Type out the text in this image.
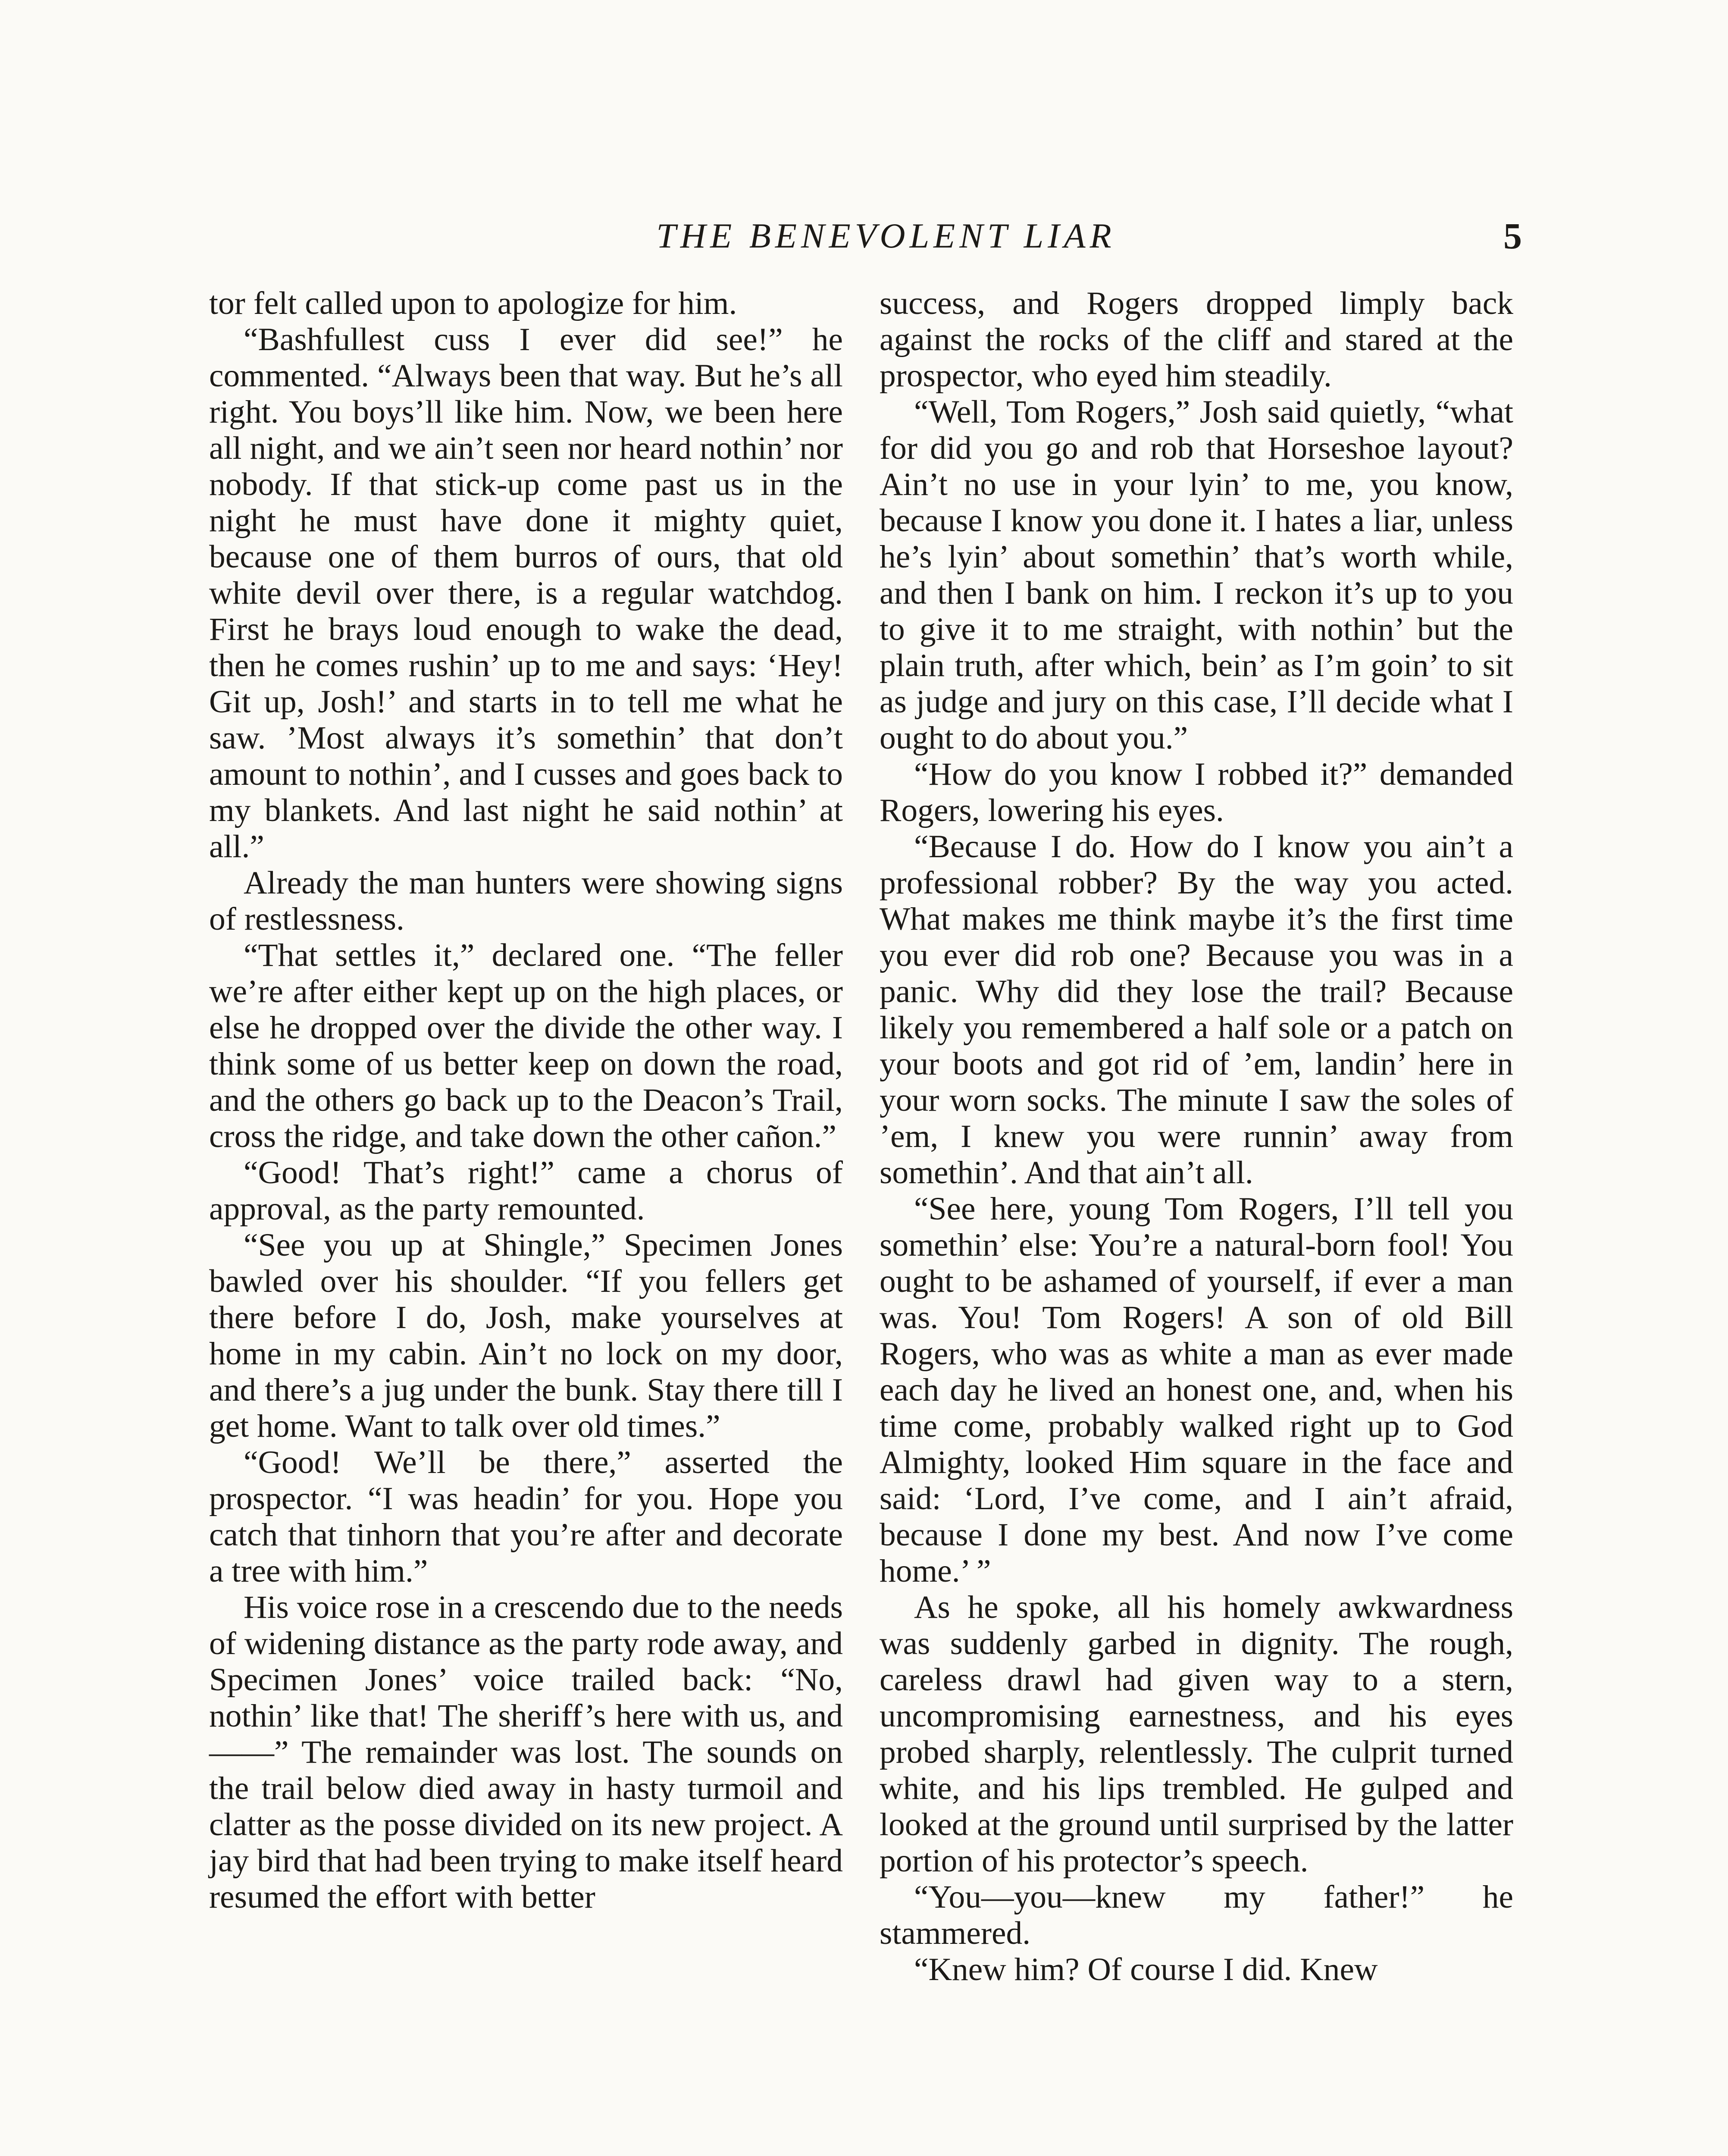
THE BENEVOLENT LIAR	5

tor felt called upon to apologize for him.

“Bashfullest cuss I ever did see!” he commented. “Always been that way. But he’s all right. You boys’ll like him. Now, we been here all night, and we ain’t seen nor heard nothin’ nor nobody. If that stick-up come past us in the night he must have done it mighty quiet, because one of them burros of ours, that old white devil over there, is a regular watchdog. First he brays loud enough to wake the dead, then he comes rushin’ up to me and says: ‘Hey! Git up, Josh!’ and starts in to tell me what he saw. ’Most always it’s somethin’ that don’t amount to nothin’, and I cusses and goes back to my blankets. And last night he said nothin’ at all.”

Already the man hunters were showing signs of restlessness.

“That settles it,” declared one. “The feller we’re after either kept up on the high places, or else he dropped over the divide the other way. I think some of us better keep on down the road, and the others go back up to the Deacon’s Trail, cross the ridge, and take down the other cañon.”

“Good! That’s right!” came a chorus of approval, as the party remounted.

“See you up at Shingle,” Specimen Jones bawled over his shoulder. “If you fellers get there before I do, Josh, make yourselves at home in my cabin. Ain’t no lock on my door, and there’s a jug under the bunk. Stay there till I get home. Want to talk over old times.”

“Good! We’ll be there,” asserted the prospector. “I was headin’ for you. Hope you catch that tinhorn that you’re after and decorate a tree with him.”

His voice rose in a crescendo due to the needs of widening distance as the party rode away, and Specimen Jones’ voice trailed back: “No, nothin’ like that! The sheriff’s here with us, and ——” The remainder was lost. The sounds on the trail below died away in hasty turmoil and clatter as the posse divided on its new project. A jay bird that had been trying to make itself heard resumed the effort with better

success, and Rogers dropped limply back against the rocks of the cliff and stared at the prospector, who eyed him steadily.

“Well, Tom Rogers,” Josh said quietly, “what for did you go and rob that Horseshoe layout? Ain’t no use in your lyin’ to me, you know, because I know you done it. I hates a liar, unless he’s lyin’ about somethin’ that’s worth while, and then I bank on him. I reckon it’s up to you to give it to me straight, with nothin’ but the plain truth, after which, bein’ as I’m goin’ to sit as judge and jury on this case, I’ll decide what I ought to do about you.”

“How do you know I robbed it?” demanded Rogers, lowering his eyes.

“Because I do. How do I know you ain’t a professional robber? By the way you acted. What makes me think maybe it’s the first time you ever did rob one? Because you was in a panic. Why did they lose the trail? Because likely you remembered a half sole or a patch on your boots and got rid of ’em, landin’ here in your worn socks. The minute I saw the soles of ’em, I knew you were runnin’ away from somethin’. And that ain’t all.

“See here, young Tom Rogers, I’ll tell you somethin’ else: You’re a natural-born fool! You ought to be ashamed of yourself, if ever a man was. You! Tom Rogers! A son of old Bill Rogers, who was as white a man as ever made each day he lived an honest one, and, when his time come, probably walked right up to God Almighty, looked Him square in the face and said: ‘Lord, I’ve come, and I ain’t afraid, because I done my best. And now I’ve come home.’ ”

As he spoke, all his homely awkwardness was suddenly garbed in dignity. The rough, careless drawl had given way to a stern, uncompromising earnestness, and his eyes probed sharply, relentlessly. The culprit turned white, and his lips trembled. He gulped and looked at the ground until surprised by the latter portion of his protector’s speech.

“You—you—knew my father!” he stammered.

“Knew him? Of course I did. Knew
